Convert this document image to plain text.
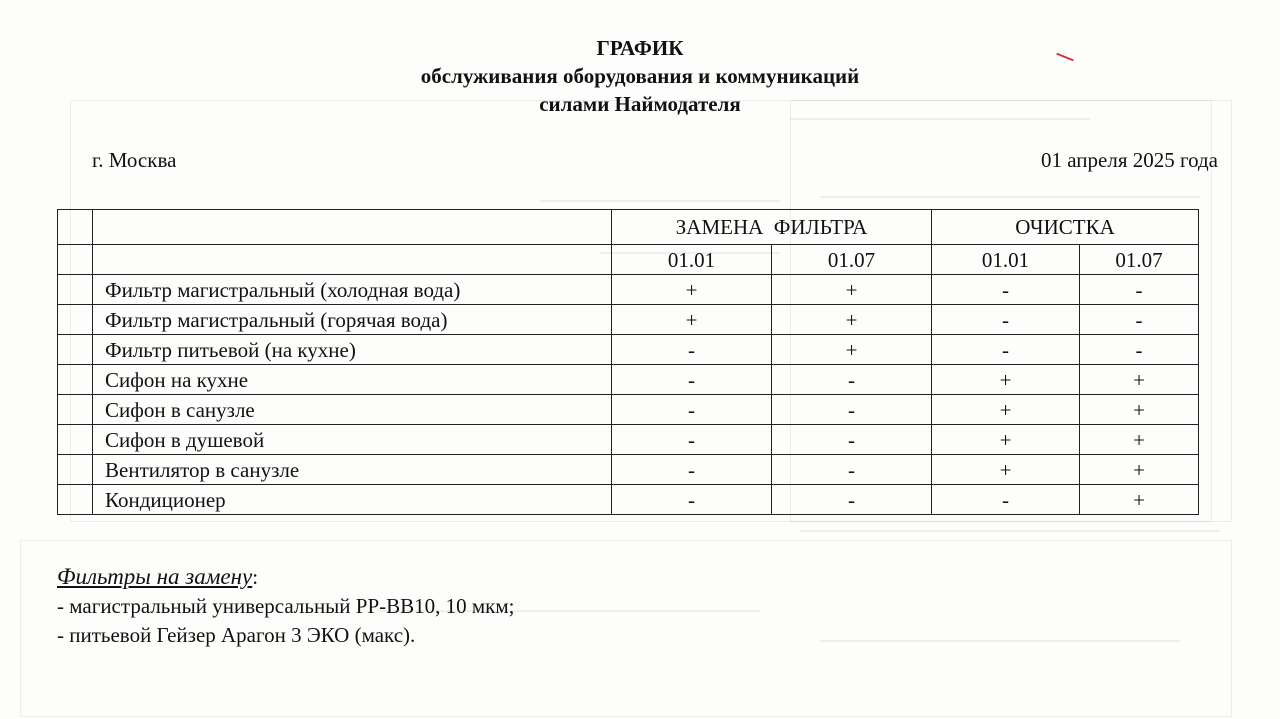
ГРАФИК
обслуживания оборудования и коммуникаций
силами Наймодателя
г. Москва	01 апреля 2025 года
		ЗАМЕНА  ФИЛЬТРА		ОЧИСТКА	
		01.01	01.07	01.01	01.07
	Фильтр магистральный (холодная вода)	+	+	-	-
	Фильтр магистральный (горячая вода)	+	+	-	-
	Фильтр питьевой (на кухне)	-	+	-	-
	Сифон на кухне	-	-	+	+
	Сифон в санузле	-	-	+	+
	Сифон в душевой	-	-	+	+
	Вентилятор в санузле	-	-	+	+
	Кондиционер	-	-	-	+
Фильтры на замену:
- магистральный универсальный РР-ВВ10, 10 мкм;
- питьевой Гейзер Арагон 3 ЭКО (макс).
